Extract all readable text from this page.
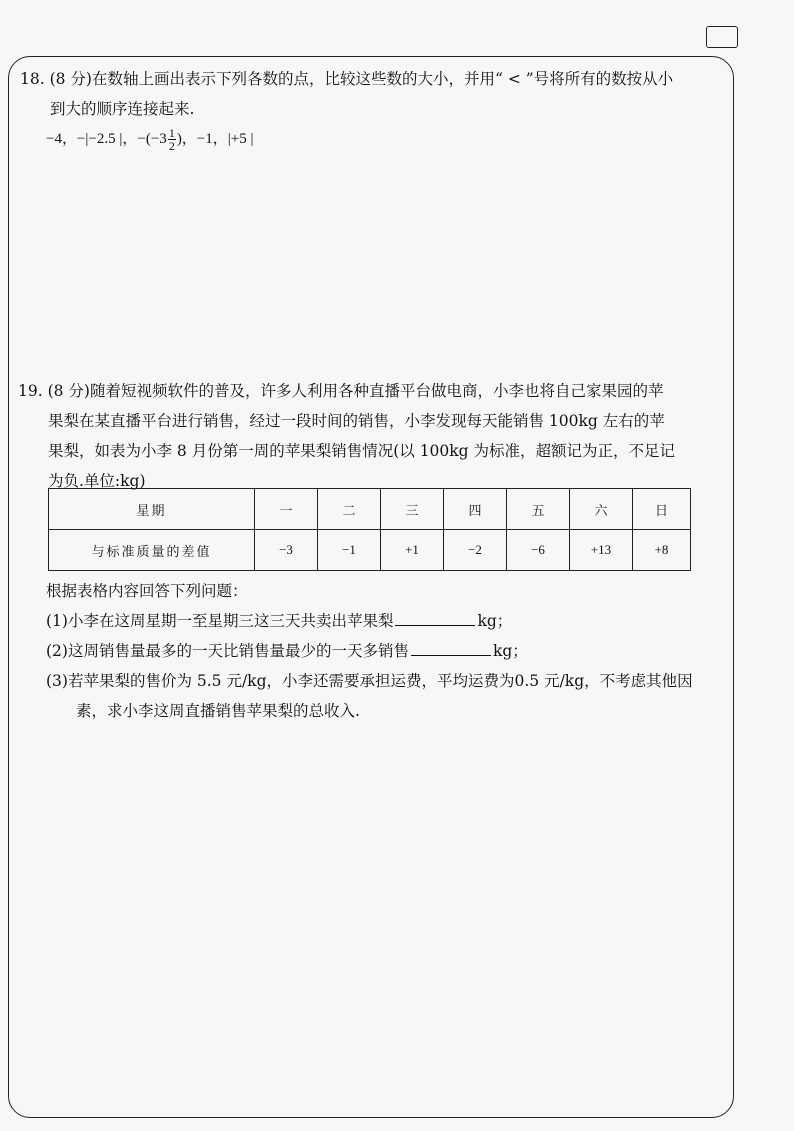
18. (8 分)在数轴上画出表示下列各数的点，比较这些数的大小，并用“ < ”号将所有的数按从小
到大的顺序连接起来.
−4，−|−2.5 |，$-(-3 \frac{1}{2}$ )，−1，|+5 |
19. (8 分)随着短视频软件的普及，许多人利用各种直播平台做电商，小李也将自己家果园的苹
果梨在某直播平台进行销售，经过一段时间的销售，小李发现每天能销售 100kg 左右的苹
果梨，如表为小李 8 月份第一周的苹果梨销售情况(以 100kg 为标准，超额记为正，不足记
为负.单位:kg)
星期	一	二	三	四	五	六	日
与标准质量的差值	−3	−1	+1	−2	−6	+13	+8
根据表格内容回答下列问题：
(1)小李在这周星期一至星期三这三天共卖出苹果梨	kg；
(2)这周销售量最多的一天比销售量最少的一天多销售	kg；
(3)若苹果梨的售价为 5.5 元/kg，小李还需要承担运费，平均运费为0.5 元/kg，不考虑其他因
素，求小李这周直播销售苹果梨的总收入.
